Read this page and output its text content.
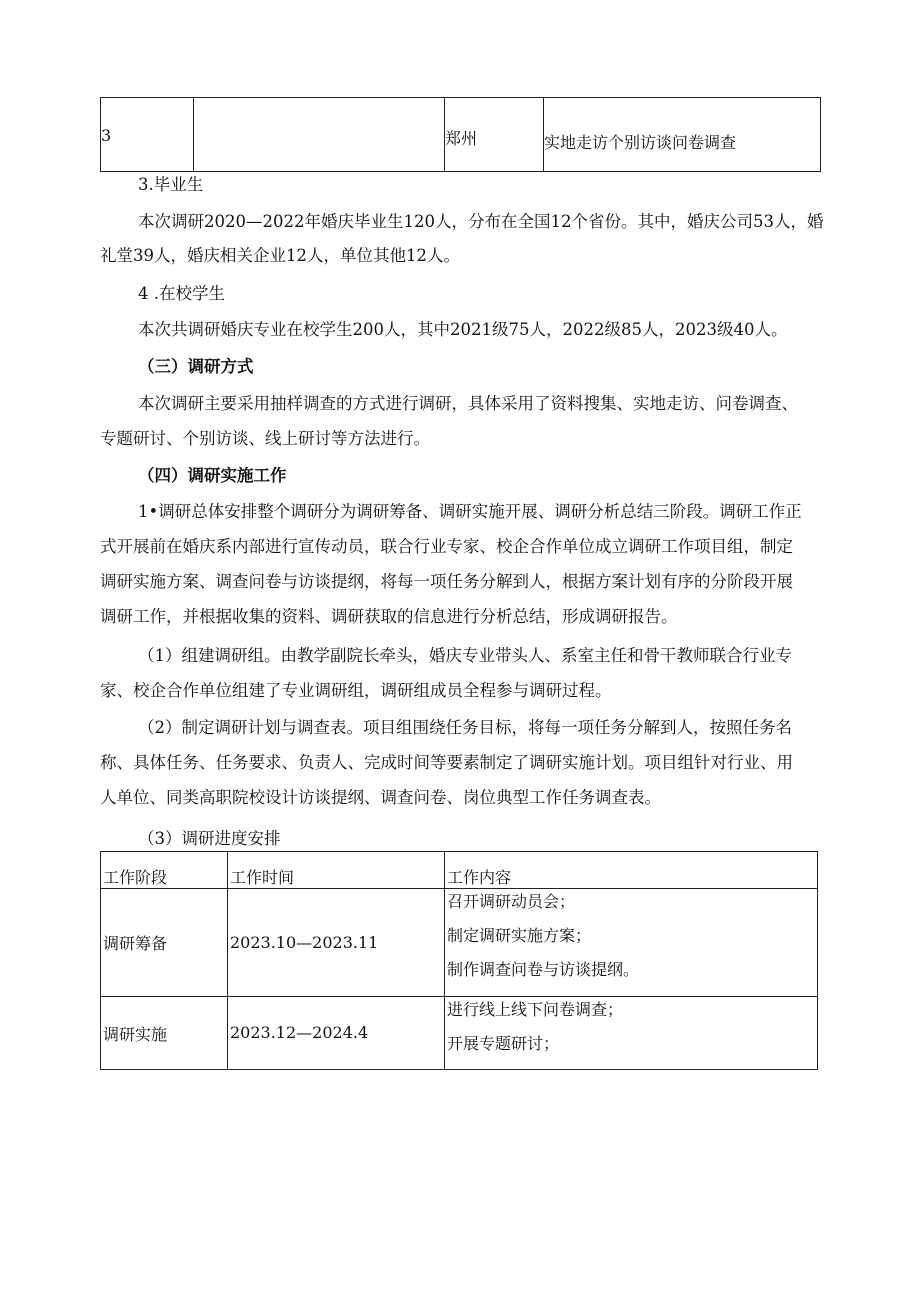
3		郑州	实地走访个别访谈问卷调查

3.毕业生

本次调研2020—2022年婚庆毕业生120人，分布在全国12个省份。其中，婚庆公司53人，婚

礼堂39人，婚庆相关企业12人，单位其他12人。

4 .在校学生

本次共调研婚庆专业在校学生200人，其中2021级75人，2022级85人，2023级40人。

（三）调研方式

本次调研主要采用抽样调查的方式进行调研，具体采用了资料搜集、实地走访、问卷调查、

专题研讨、个别访谈、线上研讨等方法进行。

（四）调研实施工作

1•调研总体安排整个调研分为调研筹备、调研实施开展、调研分析总结三阶段。调研工作正

式开展前在婚庆系内部进行宣传动员，联合行业专家、校企合作单位成立调研工作项目组，制定

调研实施方案、调查问卷与访谈提纲，将每一项任务分解到人，根据方案计划有序的分阶段开展

调研工作，并根据收集的资料、调研获取的信息进行分析总结，形成调研报告。

（1）组建调研组。由教学副院长牵头，婚庆专业带头人、系室主任和骨干教师联合行业专

家、校企合作单位组建了专业调研组，调研组成员全程参与调研过程。

（2）制定调研计划与调查表。项目组围绕任务目标，将每一项任务分解到人，按照任务名

称、具体任务、任务要求、负责人、完成时间等要素制定了调研实施计划。项目组针对行业、用

人单位、同类高职院校设计访谈提纲、调查问卷、岗位典型工作任务调查表。

（3）调研进度安排

工作阶段	工作时间	工作内容
调研筹备	2023.10—2023.11	召开调研动员会；
制定调研实施方案；
制作调查问卷与访谈提纲。

调研实施	2023.12—2024.4	进行线上线下问卷调查；
开展专题研讨；
